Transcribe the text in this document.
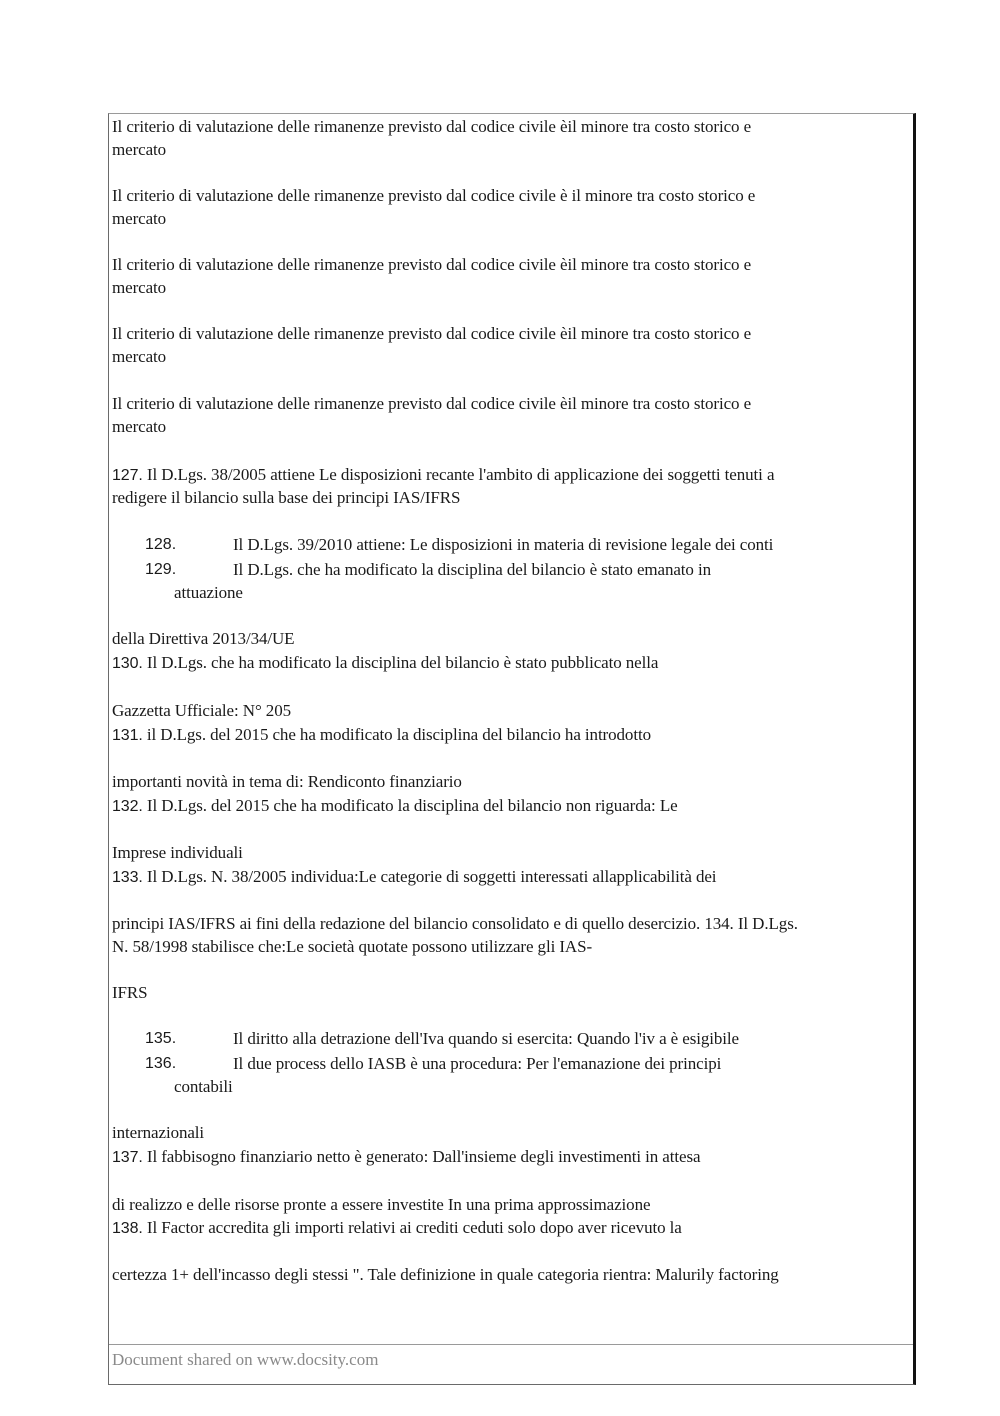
Il criterio di valutazione delle rimanenze previsto dal codice civile èil minore tra costo storico e
mercato
Il criterio di valutazione delle rimanenze previsto dal codice civile è il minore tra costo storico e
mercato
Il criterio di valutazione delle rimanenze previsto dal codice civile èil minore tra costo storico e
mercato
Il criterio di valutazione delle rimanenze previsto dal codice civile èil minore tra costo storico e
mercato
Il criterio di valutazione delle rimanenze previsto dal codice civile èil minore tra costo storico e
mercato
127. Il D.Lgs. 38/2005 attiene Le disposizioni recante l'ambito di applicazione dei soggetti tenuti a
redigere il bilancio sulla base dei principi IAS/IFRS
128.	Il D.Lgs. 39/2010 attiene: Le disposizioni in materia di revisione legale dei conti
129.	Il D.Lgs. che ha modificato la disciplina del bilancio è stato emanato in
attuazione
della Direttiva 2013/34/UE
130. Il D.Lgs. che ha modificato la disciplina del bilancio è stato pubblicato nella
Gazzetta Ufficiale: N° 205
131. il D.Lgs. del 2015 che ha modificato la disciplina del bilancio ha introdotto
importanti novità in tema di: Rendiconto finanziario
132. Il D.Lgs. del 2015 che ha modificato la disciplina del bilancio non riguarda: Le
Imprese individuali
133. Il D.Lgs. N. 38/2005 individua:Le categorie di soggetti interessati allapplicabilità dei
principi IAS/IFRS ai fini della redazione del bilancio consolidato e di quello desercizio. 134. Il D.Lgs.
N. 58/1998 stabilisce che:Le società quotate possono utilizzare gli IAS-
IFRS
135.	Il diritto alla detrazione dell'Iva quando si esercita: Quando l'iv a è esigibile
136.	Il due process dello IASB è una procedura: Per l'emanazione dei principi
contabili
internazionali
137. Il fabbisogno finanziario netto è generato: Dall'insieme degli investimenti in attesa
di realizzo e delle risorse pronte a essere investite In una prima approssimazione
138. Il Factor accredita gli importi relativi ai crediti ceduti solo dopo aver ricevuto la
certezza 1+ dell'incasso degli stessi ". Tale definizione in quale categoria rientra: Malurily factoring
Document shared on www.docsity.com
